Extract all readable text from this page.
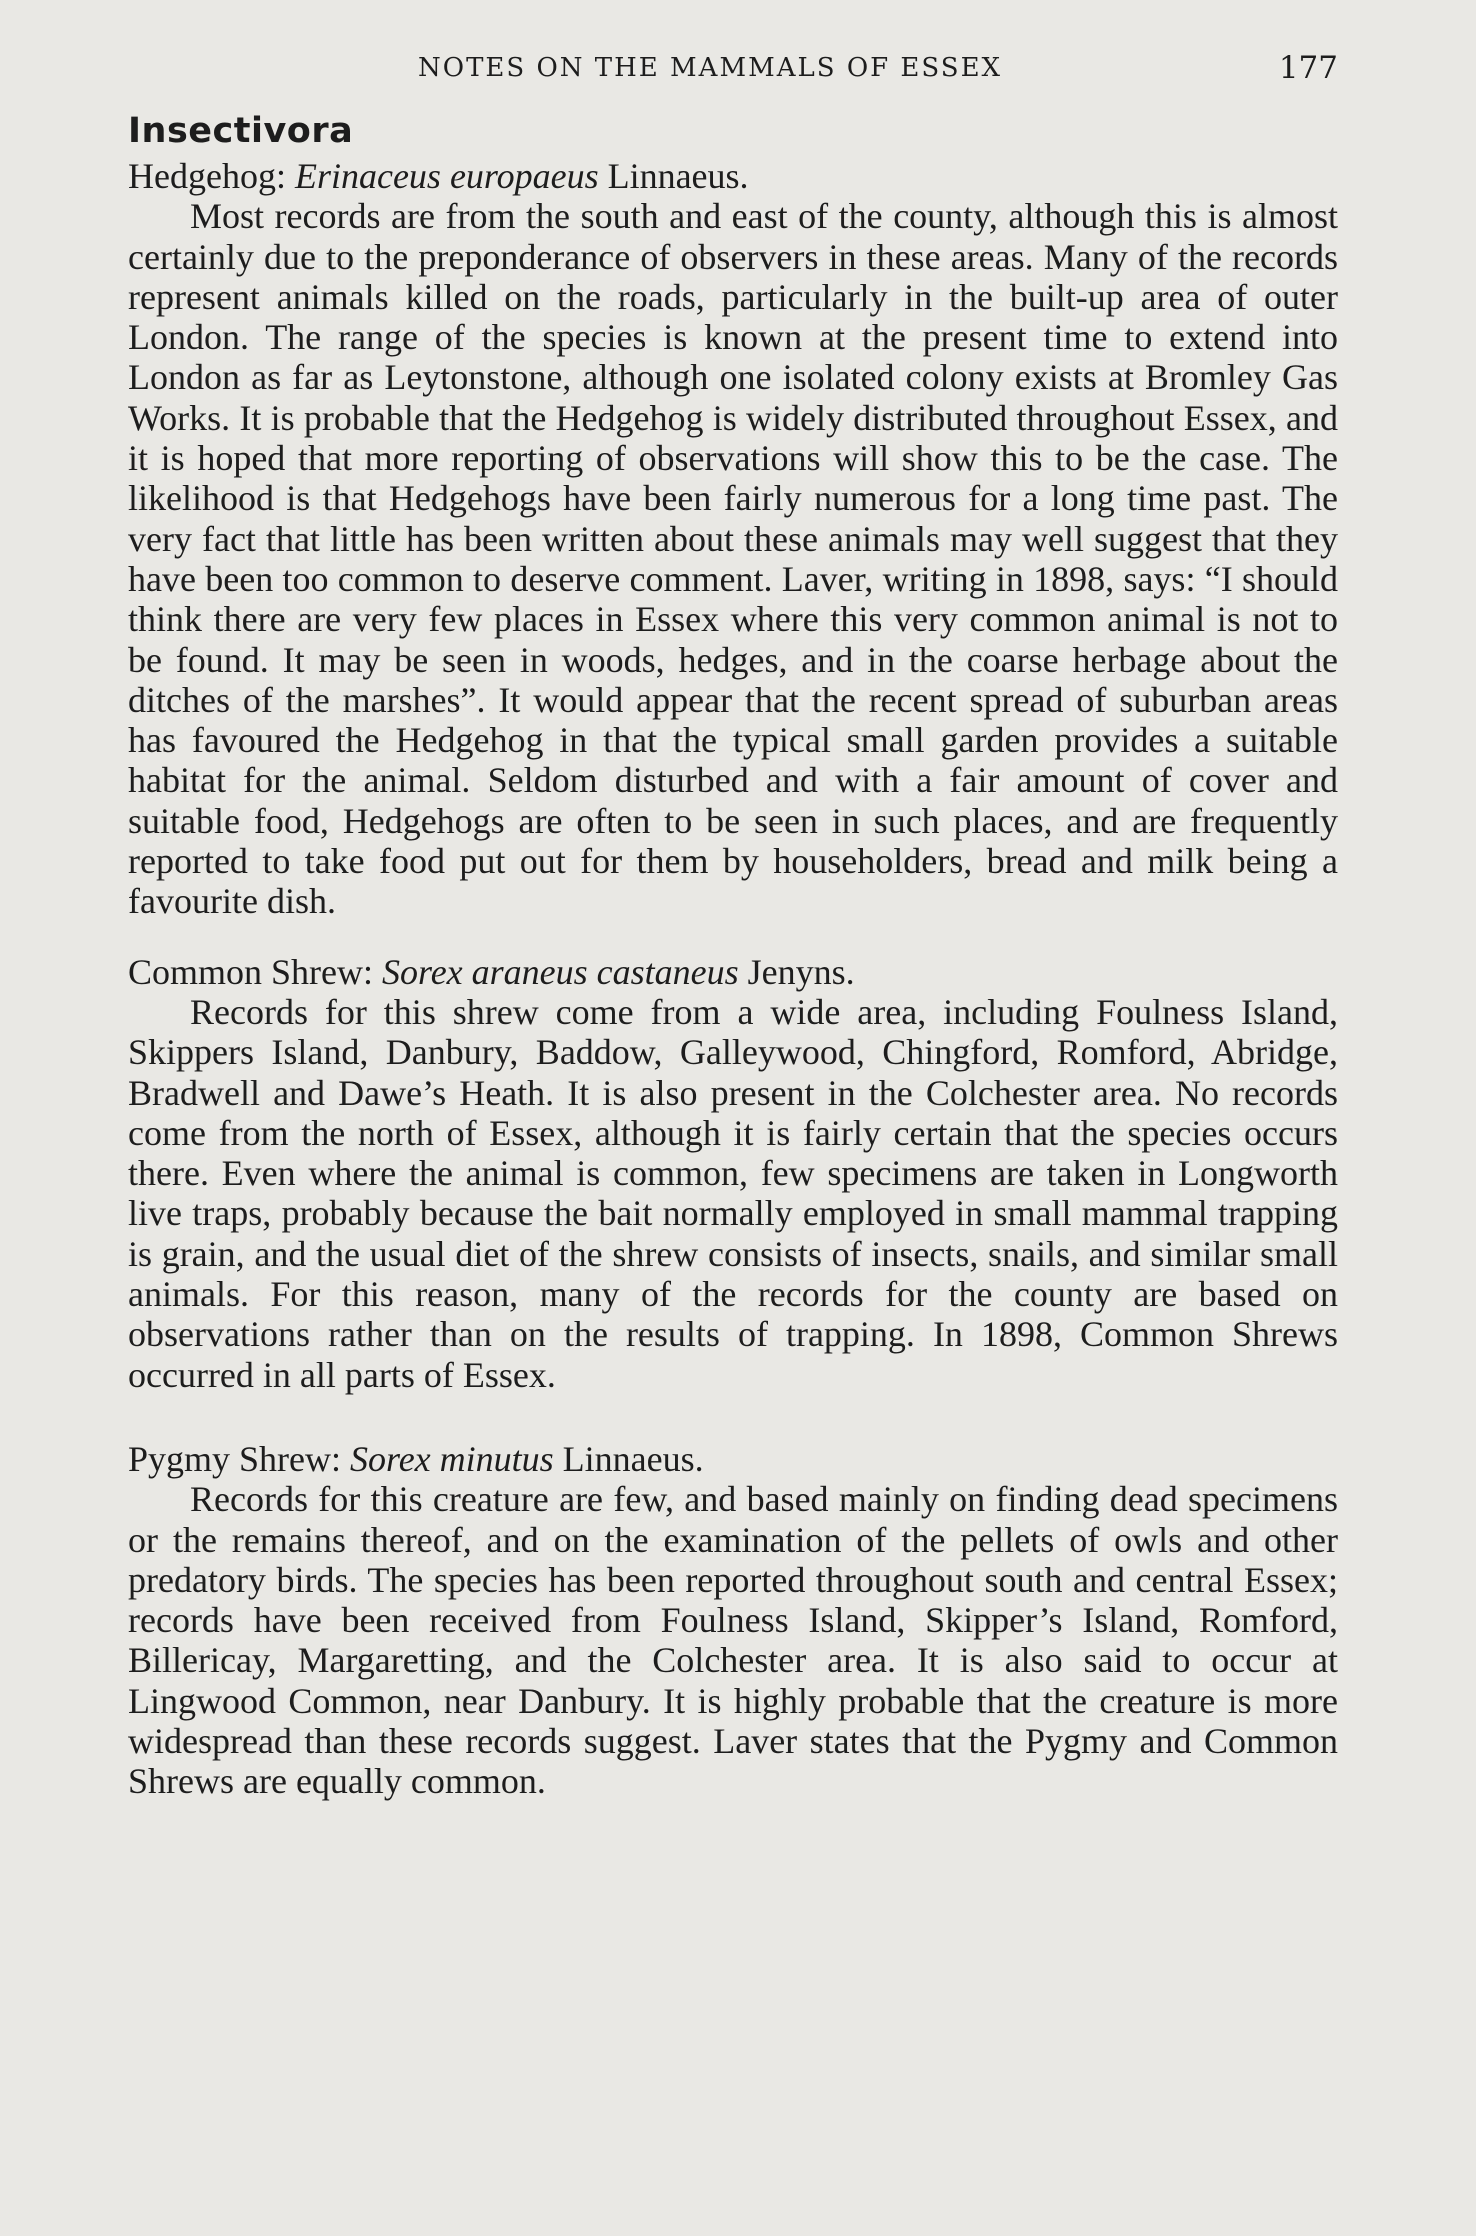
NOTES ON THE MAMMALS OF ESSEX	177
Insectivora

Hedgehog: Erinaceus europaeus Linnaeus.

Most records are from the south and east of the county, although this is almost certainly due to the preponderance of observers in these areas. Many of the records represent animals killed on the roads, particularly in the built-up area of outer London. The range of the species is known at the present time to extend into London as far as Leytonstone, although one isolated colony exists at Bromley Gas Works. It is probable that the Hedgehog is widely distributed throughout Essex, and it is hoped that more reporting of observations will show this to be the case. The likelihood is that Hedgehogs have been fairly numerous for a long time past. The very fact that little has been written about these animals may well suggest that they have been too common to deserve comment. Laver, writing in 1898, says: “I should think there are very few places in Essex where this very common animal is not to be found. It may be seen in woods, hedges, and in the coarse herbage about the ditches of the marshes”. It would appear that the recent spread of suburban areas has favoured the Hedgehog in that the typical small garden provides a suitable habitat for the animal. Seldom disturbed and with a fair amount of cover and suitable food, Hedgehogs are often to be seen in such places, and are frequently reported to take food put out for them by householders, bread and milk being a favourite dish.

Common Shrew: Sorex araneus castaneus Jenyns.

Records for this shrew come from a wide area, including Foulness Island, Skippers Island, Danbury, Baddow, Galleywood, Chingford, Romford, Abridge, Bradwell and Dawe’s Heath. It is also present in the Colchester area. No records come from the north of Essex, although it is fairly certain that the species occurs there. Even where the animal is common, few specimens are taken in Longworth live traps, probably because the bait normally employed in small mammal trapping is grain, and the usual diet of the shrew consists of insects, snails, and similar small animals. For this reason, many of the records for the county are based on observations rather than on the results of trapping. In 1898, Common Shrews occurred in all parts of Essex.

Pygmy Shrew: Sorex minutus Linnaeus.

Records for this creature are few, and based mainly on finding dead specimens or the remains thereof, and on the examination of the pellets of owls and other predatory birds. The species has been reported throughout south and central Essex; records have been received from Foulness Island, Skipper’s Island, Romford, Billericay, Margaretting, and the Colchester area. It is also said to occur at Lingwood Common, near Danbury. It is highly probable that the creature is more widespread than these records suggest. Laver states that the Pygmy and Common Shrews are equally common.
